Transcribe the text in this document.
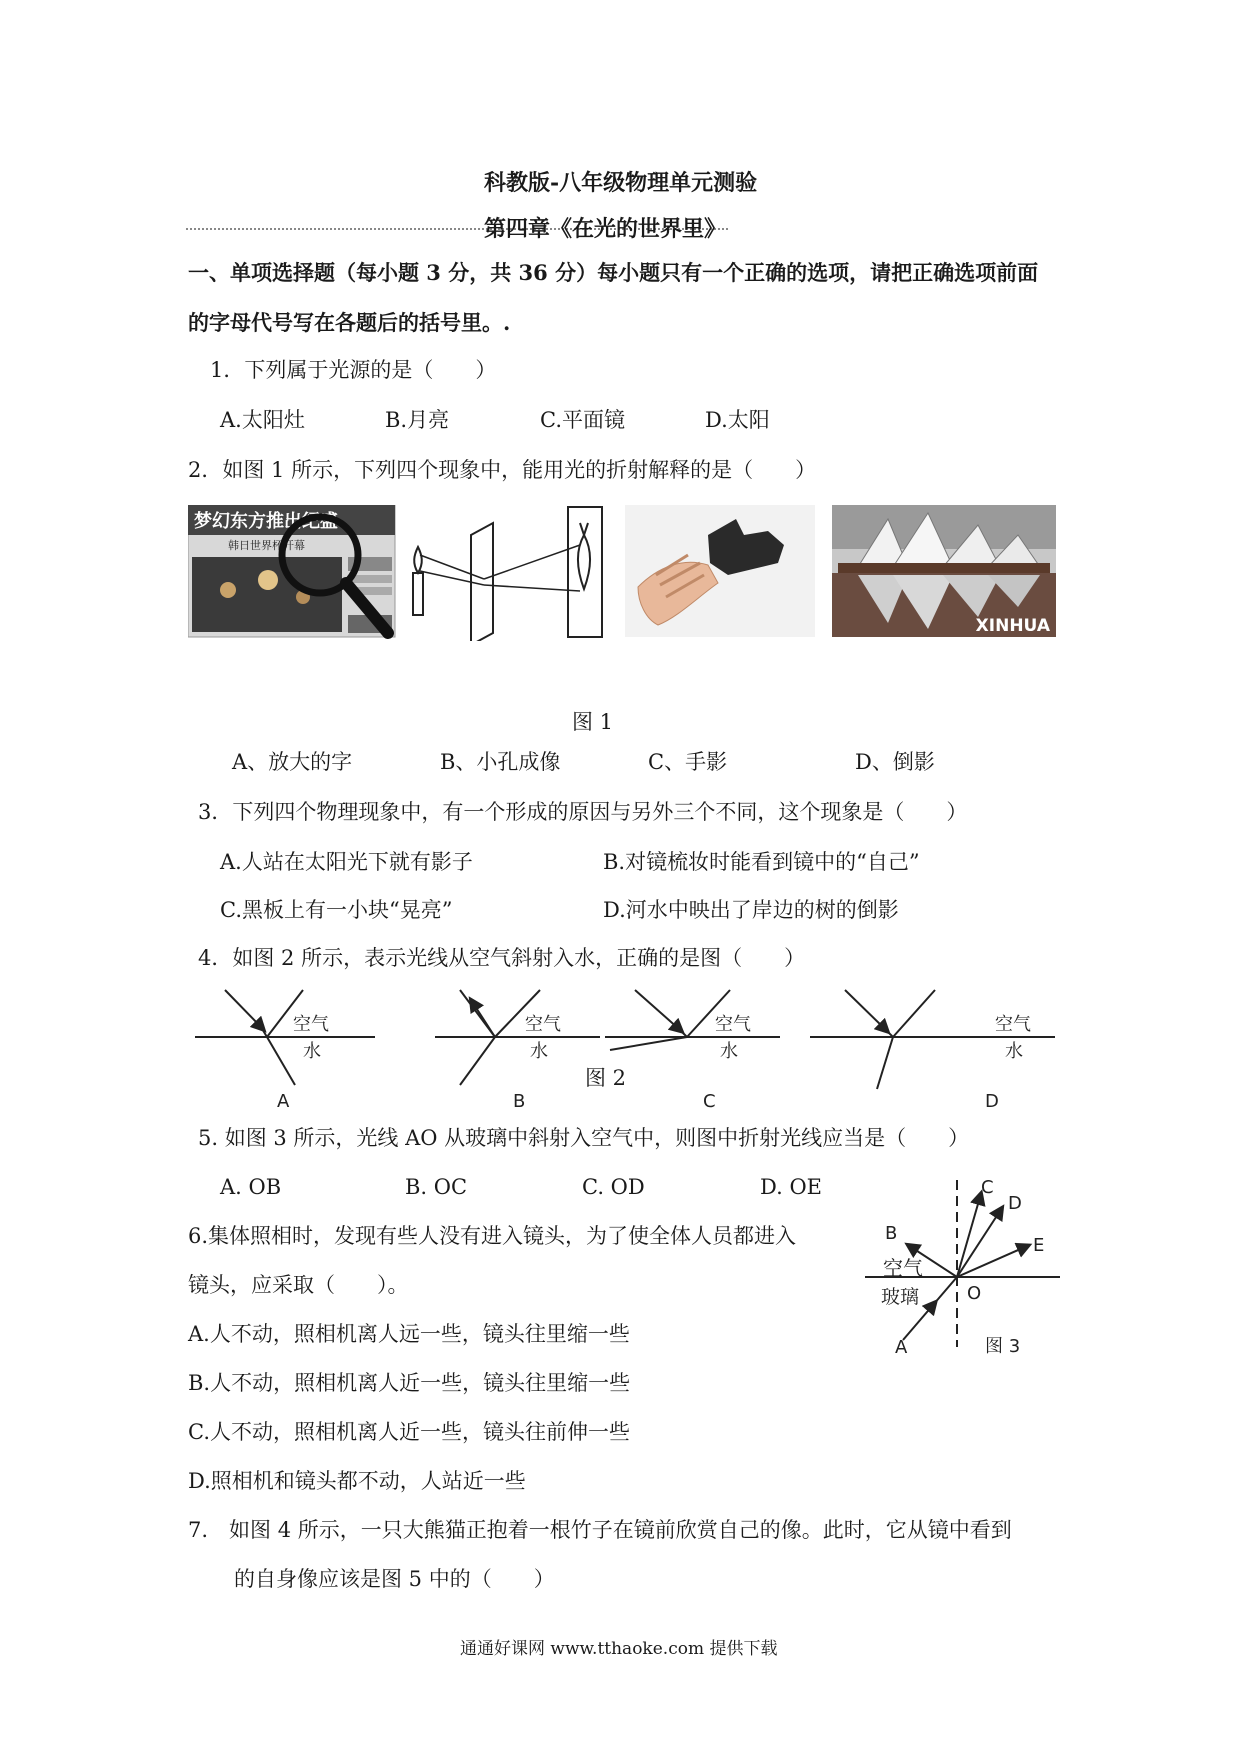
科教版-八年级物理单元测验
第四章《在光的世界里》
一、单项选择题（每小题 3 分，共 36 分）每小题只有一个正确的选项，请把正确选项前面
的字母代号写在各题后的括号里。.
1．下列属于光源的是（　　）
A.太阳灶	B.月亮	C.平面镜	D.太阳
2．如图 1 所示，下列四个现象中，能用光的折射解释的是（　　）
梦幻东方推出纪盛
韩日世界杯开幕
XINHUA
图 1
A、放大的字	B、小孔成像	C、手影	D、倒影
3．下列四个物理现象中，有一个形成的原因与另外三个不同，这个现象是（　　）
A.人站在太阳光下就有影子	B.对镜梳妆时能看到镜中的“自己”
C.黑板上有一小块“晃亮”	D.河水中映出了岸边的树的倒影
4．如图 2 所示，表示光线从空气斜射入水，正确的是图（　　）
空气
水
A
空气
水
B
空气
水
C
空气
水
D
图 2
5. 如图 3 所示，光线 AO 从玻璃中斜射入空气中，则图中折射光线应当是（　　）
A. OB	B. OC	C. OD	D. OE
空气
玻璃
A
B
C
D
E
O
图 3
6.集体照相时，发现有些人没有进入镜头，为了使全体人员都进入
镜头，应采取（　　）。
A.人不动，照相机离人远一些，镜头往里缩一些
B.人不动，照相机离人近一些，镜头往里缩一些
C.人不动，照相机离人近一些，镜头往前伸一些
D.照相机和镜头都不动，人站近一些
7.　如图 4 所示，一只大熊猫正抱着一根竹子在镜前欣赏自己的像。此时，它从镜中看到
的自身像应该是图 5 中的（　　）
通通好课网 www.tthaoke.com 提供下载
